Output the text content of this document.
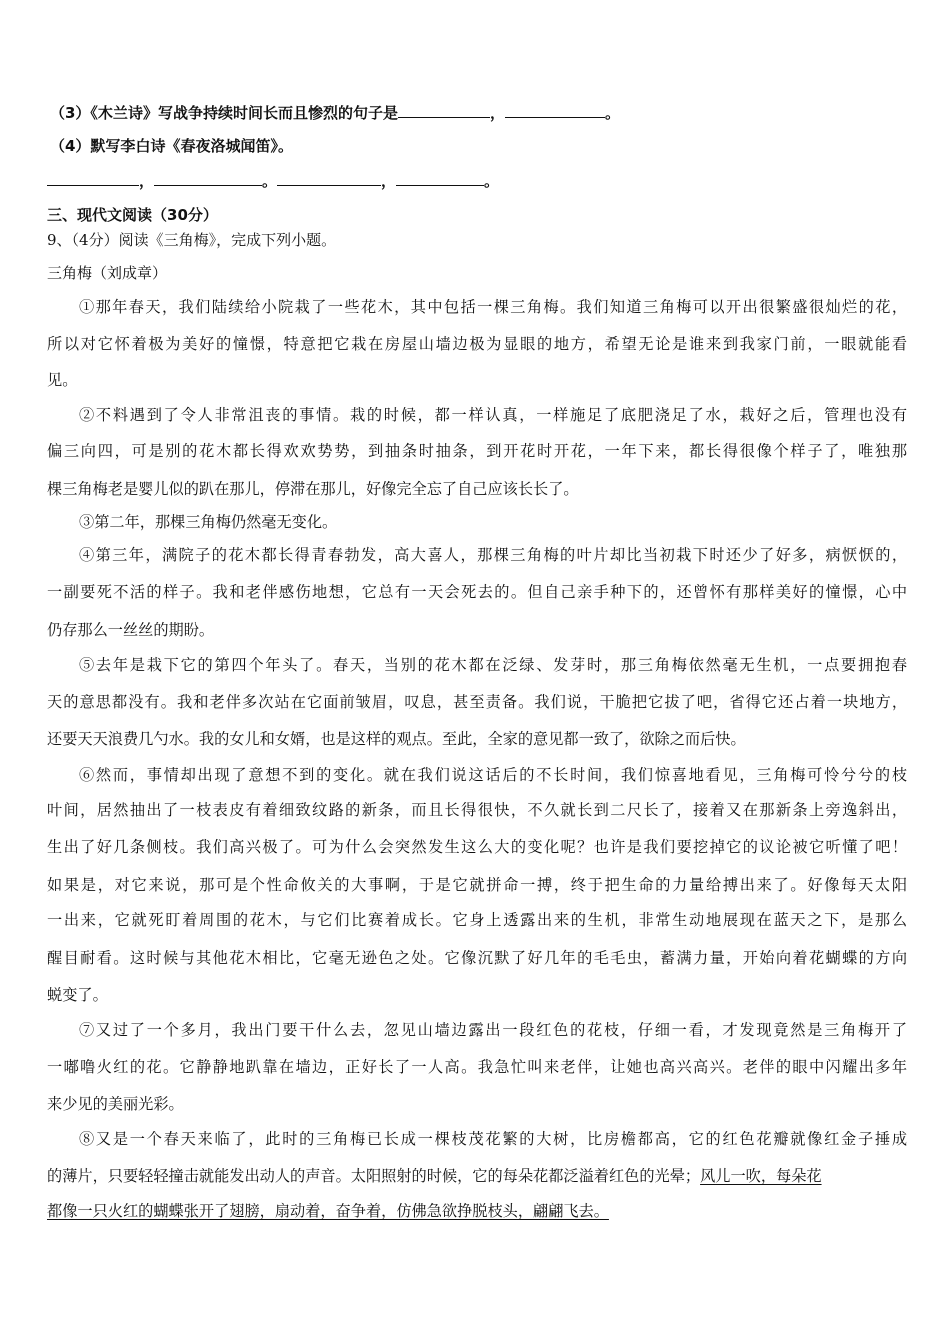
（3）《木兰诗》写战争持续时间长而且惨烈的句子是	，	。
（4）默写李白诗《春夜洛城闻笛》。
，	。	，	。
三、现代文阅读（30分）
9、（4分）阅读《三角梅》，完成下列小题。
三角梅（刘成章）
①那年春天，我们陆续给小院栽了一些花木，其中包括一棵三角梅。我们知道三角梅可以开出很繁盛很灿烂的花，
所以对它怀着极为美好的憧憬，特意把它栽在房屋山墙边极为显眼的地方，希望无论是谁来到我家门前，一眼就能看
见。
②不料遇到了令人非常沮丧的事情。栽的时候，都一样认真，一样施足了底肥浇足了水，栽好之后，管理也没有
偏三向四，可是别的花木都长得欢欢势势，到抽条时抽条，到开花时开花，一年下来，都长得很像个样子了，唯独那
棵三角梅老是婴儿似的趴在那儿，停滞在那儿，好像完全忘了自己应该长长了。
③第二年，那棵三角梅仍然毫无变化。
④第三年，满院子的花木都长得青春勃发，高大喜人，那棵三角梅的叶片却比当初栽下时还少了好多，病恹恹的，
一副要死不活的样子。我和老伴感伤地想，它总有一天会死去的。但自己亲手种下的，还曾怀有那样美好的憧憬，心中
仍存那么一丝丝的期盼。
⑤去年是栽下它的第四个年头了。春天，当别的花木都在泛绿、发芽时，那三角梅依然毫无生机，一点要拥抱春
天的意思都没有。我和老伴多次站在它面前皱眉，叹息，甚至责备。我们说，干脆把它拔了吧，省得它还占着一块地方，
还要天天浪费几勺水。我的女儿和女婿，也是这样的观点。至此，全家的意见都一致了，欲除之而后快。
⑥然而，事情却出现了意想不到的变化。就在我们说这话后的不长时间，我们惊喜地看见，三角梅可怜兮兮的枝
叶间，居然抽出了一枝表皮有着细致纹路的新条，而且长得很快，不久就长到二尺长了，接着又在那新条上旁逸斜出，
生出了好几条侧枝。我们高兴极了。可为什么会突然发生这么大的变化呢？也许是我们要挖掉它的议论被它听懂了吧！
如果是，对它来说，那可是个性命攸关的大事啊，于是它就拼命一搏，终于把生命的力量给搏出来了。好像每天太阳
一出来，它就死盯着周围的花木，与它们比赛着成长。它身上透露出来的生机，非常生动地展现在蓝天之下，是那么
醒目耐看。这时候与其他花木相比，它毫无逊色之处。它像沉默了好几年的毛毛虫，蓄满力量，开始向着花蝴蝶的方向
蜕变了。
⑦又过了一个多月，我出门要干什么去，忽见山墙边露出一段红色的花枝，仔细一看，才发现竟然是三角梅开了
一嘟噜火红的花。它静静地趴靠在墙边，正好长了一人高。我急忙叫来老伴，让她也高兴高兴。老伴的眼中闪耀出多年
来少见的美丽光彩。
⑧又是一个春天来临了，此时的三角梅已长成一棵枝茂花繁的大树，比房檐都高，它的红色花瓣就像红金子捶成
的薄片，只要轻轻撞击就能发出动人的声音。太阳照射的时候，它的每朵花都泛溢着红色的光晕；风儿一吹，每朵花
都像一只火红的蝴蝶张开了翅膀，扇动着，奋争着，仿佛急欲挣脱枝头，翩翩飞去。
